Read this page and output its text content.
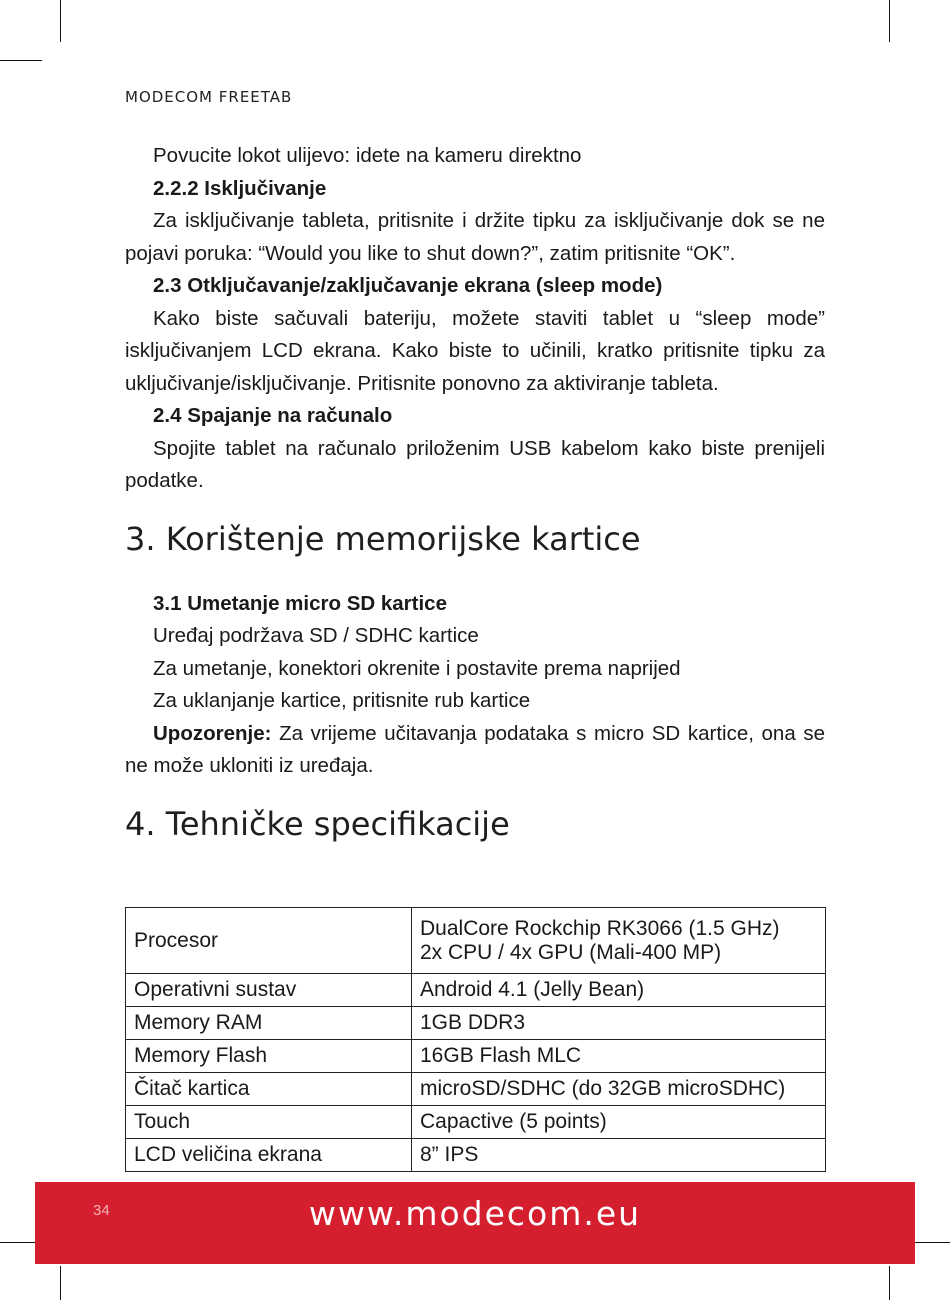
MODECOM FREETAB

Povucite lokot ulijevo: idete na kameru direktno

2.2.2 Isključivanje

Za isključivanje tableta, pritisnite i držite tipku za isključivanje dok se ne pojavi poruka: “Would you like to shut down?”, zatim pritisnite “OK”.

2.3 Otključavanje/zaključavanje ekrana (sleep mode)

Kako biste sačuvali bateriju, možete staviti tablet u “sleep mode” isključivanjem LCD ekrana. Kako biste to učinili, kratko pritisnite tipku za uključivanje/isključivanje. Pritisnite ponovno za aktiviranje tableta.

2.4 Spajanje na računalo

Spojite tablet na računalo priloženim USB kabelom kako biste prenijeli podatke.

3. Korištenje memorijske kartice

3.1 Umetanje micro SD kartice

Uređaj podržava SD / SDHC kartice

Za umetanje, konektori okrenite i postavite prema naprijed

Za uklanjanje kartice, pritisnite rub kartice

Upozorenje: Za vrijeme učitavanja podataka s micro SD kartice, ona se ne može ukloniti iz uređaja.

4. Tehničke specifikacije
Procesor	DualCore Rockchip RK3066 (1.5 GHz)
2x CPU / 4x GPU (Mali-400 MP)

Operativni sustav	Android 4.1 (Jelly Bean)
Memory RAM	1GB DDR3
Memory Flash	16GB Flash MLC
Čitač kartica	microSD/SDHC (do 32GB microSDHC)
Touch	Capactive (5 points)
LCD veličina ekrana	8” IPS
34	www.modecom.eu
